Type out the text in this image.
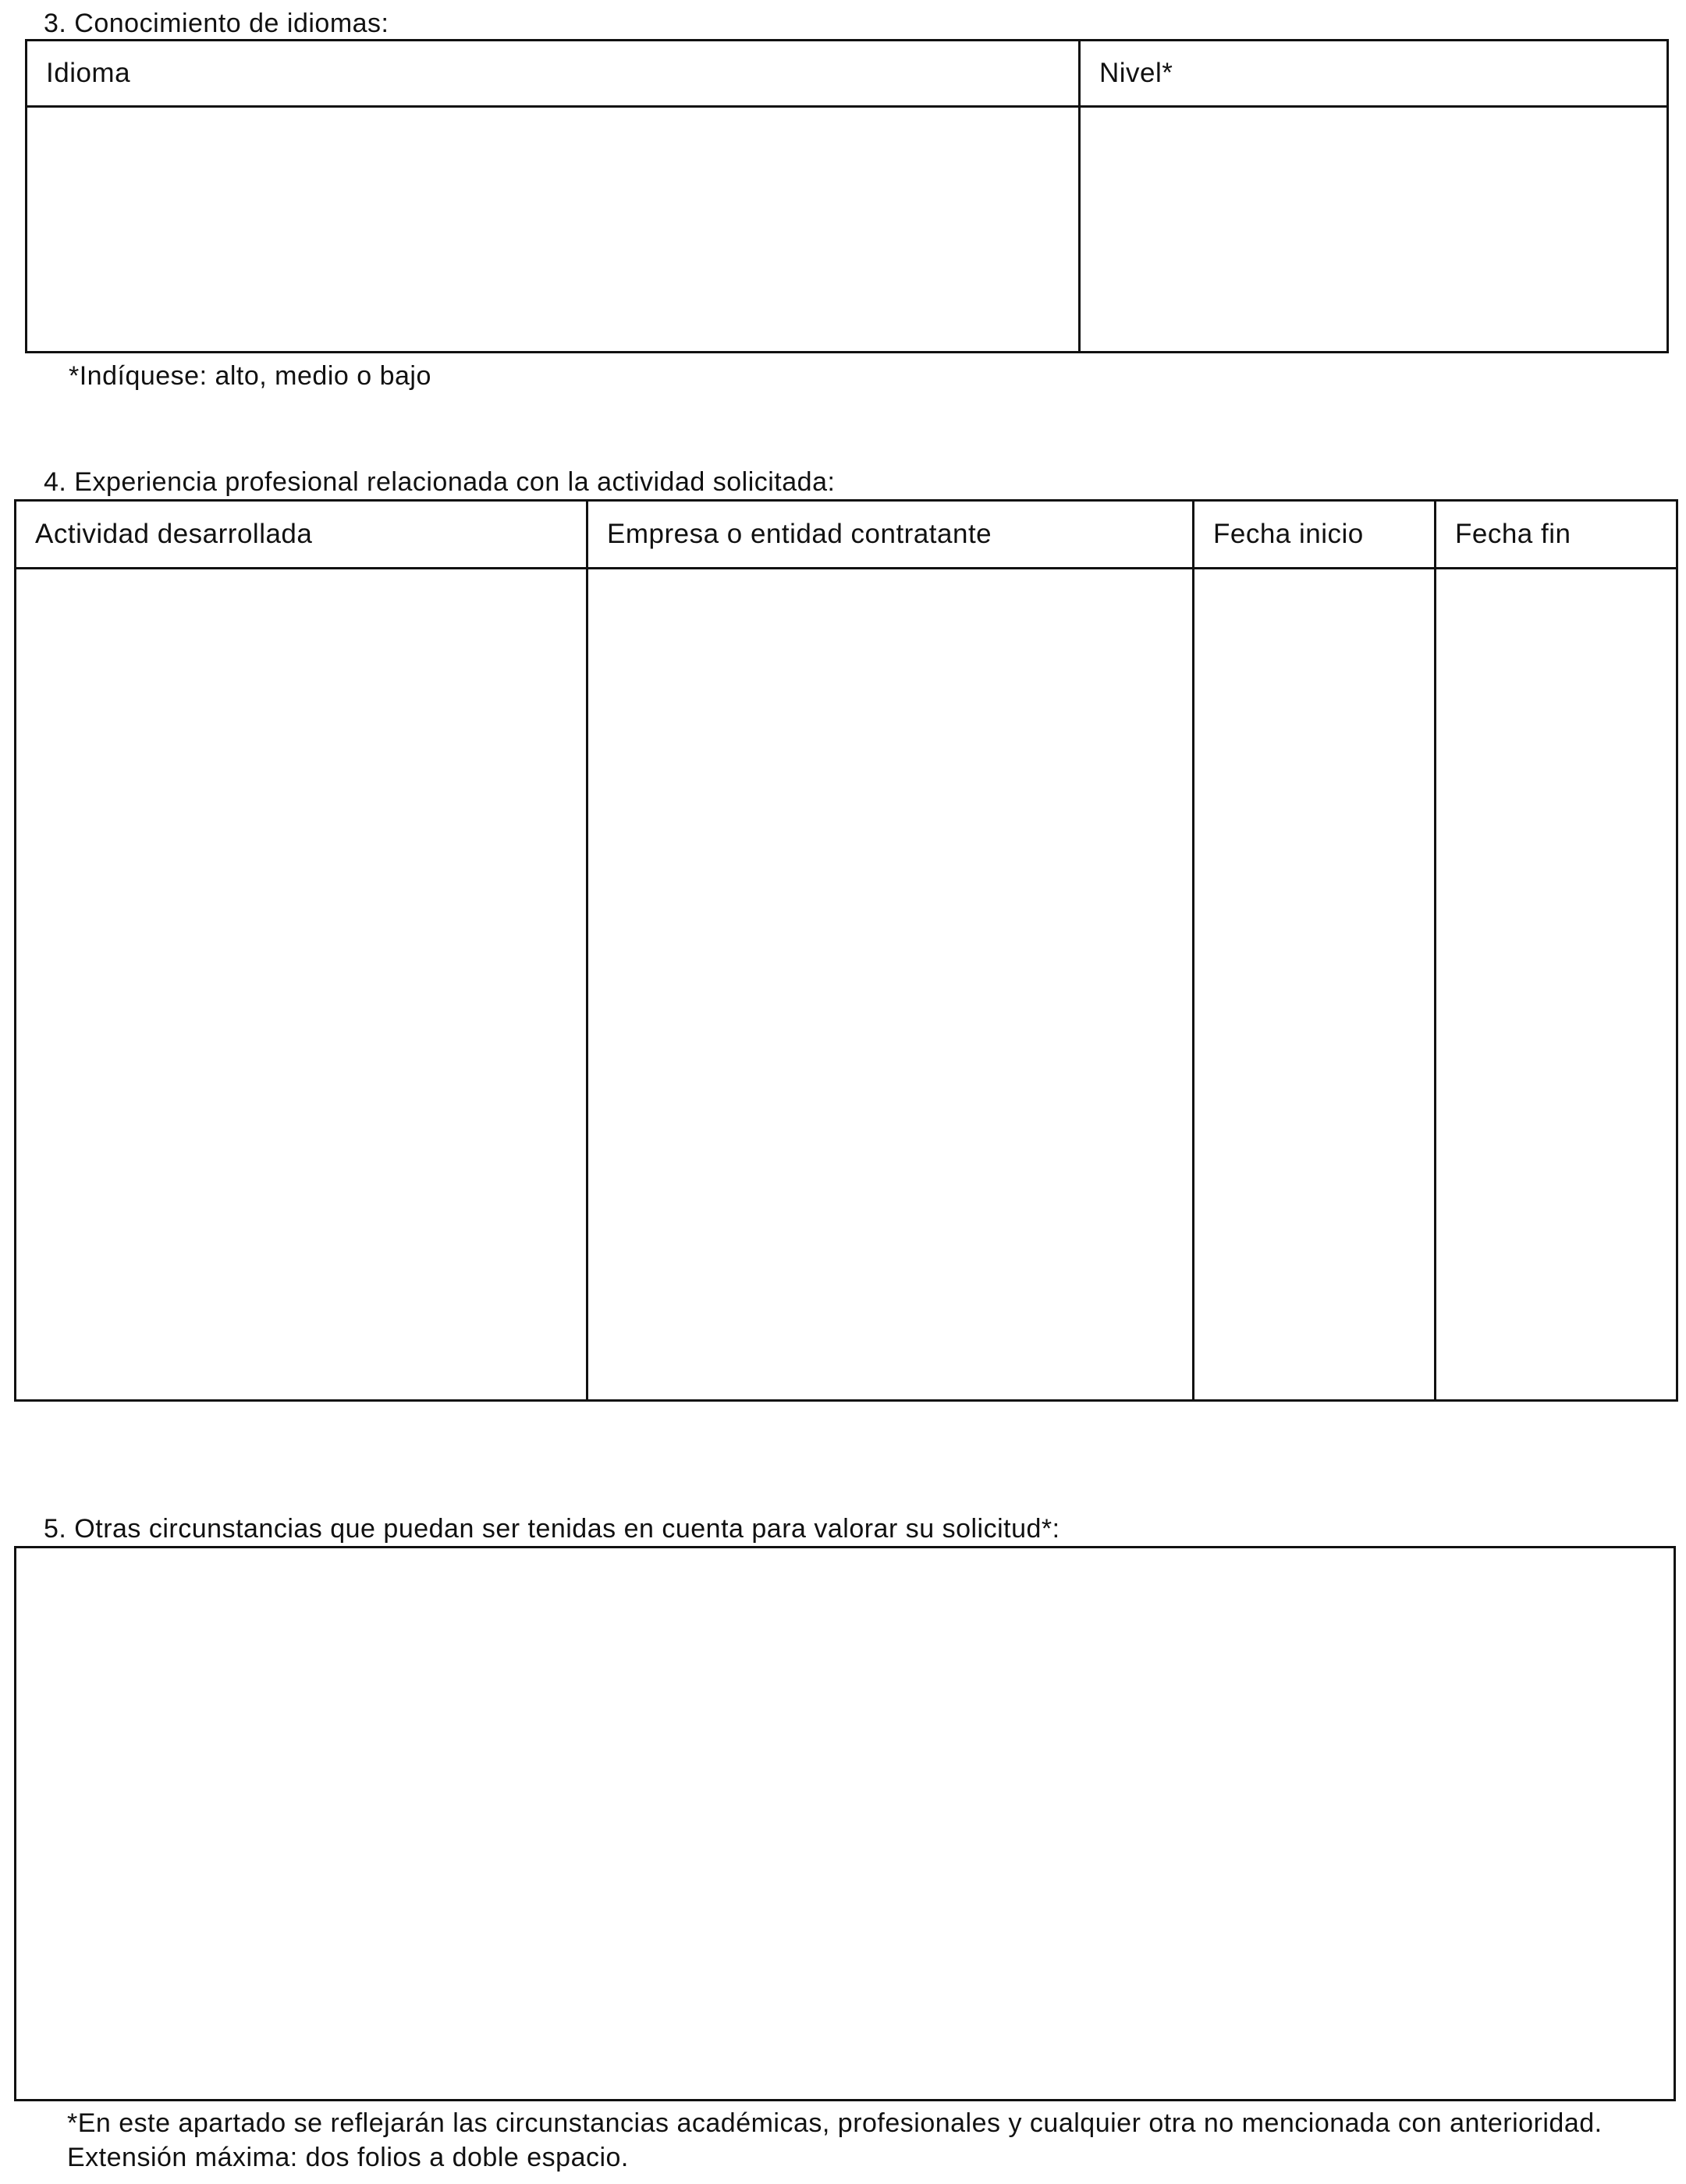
3. Conocimiento de idiomas:
Idioma	Nivel*

*Indíquese: alto, medio o bajo
4. Experiencia profesional relacionada con la actividad solicitada:
Actividad desarrollada	Empresa o entidad contratante	Fecha inicio	Fecha fin

5. Otras circunstancias que puedan ser tenidas en cuenta para valorar su solicitud*:
*En este apartado se reflejarán las circunstancias académicas, profesionales y cualquier otra no mencionada con anterioridad. Extensión máxima: dos folios a doble espacio.
